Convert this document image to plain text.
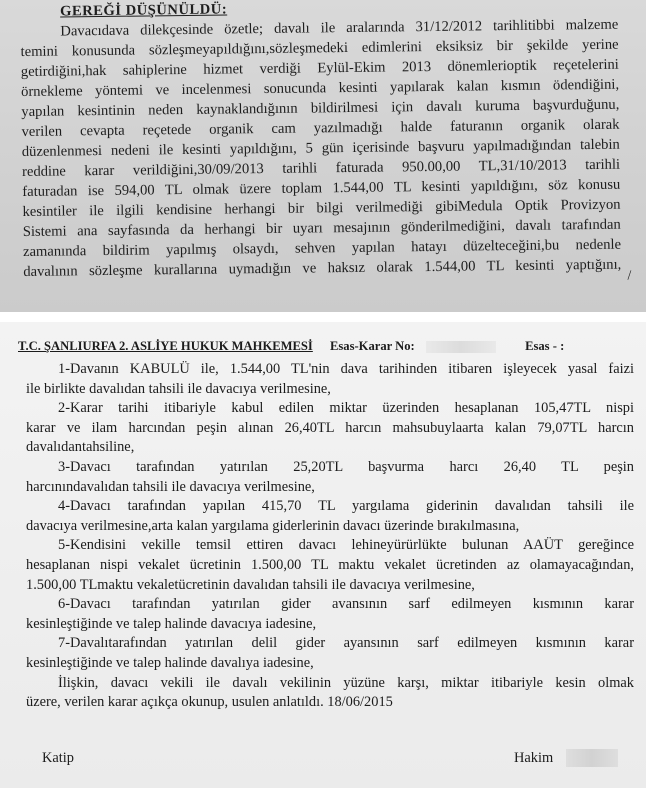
GEREĞİ DÜŞÜNÜLDÜ:
Davacıdava dilekçesinde özetle; davalı ile aralarında 31/12/2012 tarihlitibbi malzeme
temini konusunda sözleşmeyapıldığını,sözleşmedeki edimlerini eksiksiz bir şekilde yerine
getirdiğini,hak sahiplerine hizmet verdiği Eylül-Ekim 2013 dönemlerioptik reçetelerini
örnekleme yöntemi ve incelenmesi sonucunda kesinti yapılarak kalan kısmın ödendiğini,
yapılan kesintinin neden kaynaklandığının bildirilmesi için davalı kuruma başvurduğunu,
verilen cevapta reçetede organik cam yazılmadığı halde faturanın organik olarak
düzenlenmesi nedeni ile kesinti yapıldığını, 5 gün içerisinde başvuru yapılmadığından talebin
reddine karar verildiğini,30/09/2013 tarihli faturada 950.00,00 TL,31/10/2013 tarihli
faturadan ise 594,00 TL olmak üzere toplam 1.544,00 TL kesinti yapıldığını, söz konusu
kesintiler ile ilgili kendisine herhangi bir bilgi verilmediği gibiMedula Optik Provizyon
Sistemi ana sayfasında da herhangi bir uyarı mesajının gönderilmediğini, davalı tarafından
zamanında bildirim yapılmış olsaydı, sehven yapılan hatayı düzelteceğini,bu nedenle
davalının sözleşme kurallarına uymadığın ve haksız olarak 1.544,00 TL kesinti yaptığını, /
T.C. ŞANLIURFA 2. ASLİYE HUKUK MAHKEMESİ Esas-Karar No:	Esas - :
1-Davanın KABULÜ ile, 1.544,00 TL'nin dava tarihinden itibaren işleyecek yasal faizi
ile birlikte davalıdan tahsili ile davacıya verilmesine,
2-Karar tarihi itibariyle kabul edilen miktar üzerinden hesaplanan 105,47TL nispi
karar ve ilam harcından peşin alınan 26,40TL harcın mahsubuylaarta kalan 79,07TL harcın
davalıdantahsiline,
3-Davacı tarafından yatırılan 25,20TL başvurma harcı 26,40 TL peşin
harcınındavalıdan tahsili ile davacıya verilmesine,
4-Davacı tarafından yapılan 415,70 TL yargılama giderinin davalıdan tahsili ile
davacıya verilmesine,arta kalan yargılama giderlerinin davacı üzerinde bırakılmasına,
5-Kendisini vekille temsil ettiren davacı lehineyürürlükte bulunan AAÜT gereğince
hesaplanan nispi vekalet ücretinin 1.500,00 TL maktu vekalet ücretinden az olamayacağından,
1.500,00 TLmaktu vekaletücretinin davalıdan tahsili ile davacıya verilmesine,
6-Davacı tarafından yatırılan gider avansının sarf edilmeyen kısmının karar
kesinleştiğinde ve talep halinde davacıya iadesine,
7-Davalıtarafından yatırılan delil gider ayansının sarf edilmeyen kısmının karar
kesinleştiğinde ve talep halinde davalıya iadesine,
İlişkin, davacı vekili ile davalı vekilinin yüzüne karşı, miktar itibariyle kesin olmak
üzere, verilen karar açıkça okunup, usulen anlatıldı. 18/06/2015
Katip	Hakim
